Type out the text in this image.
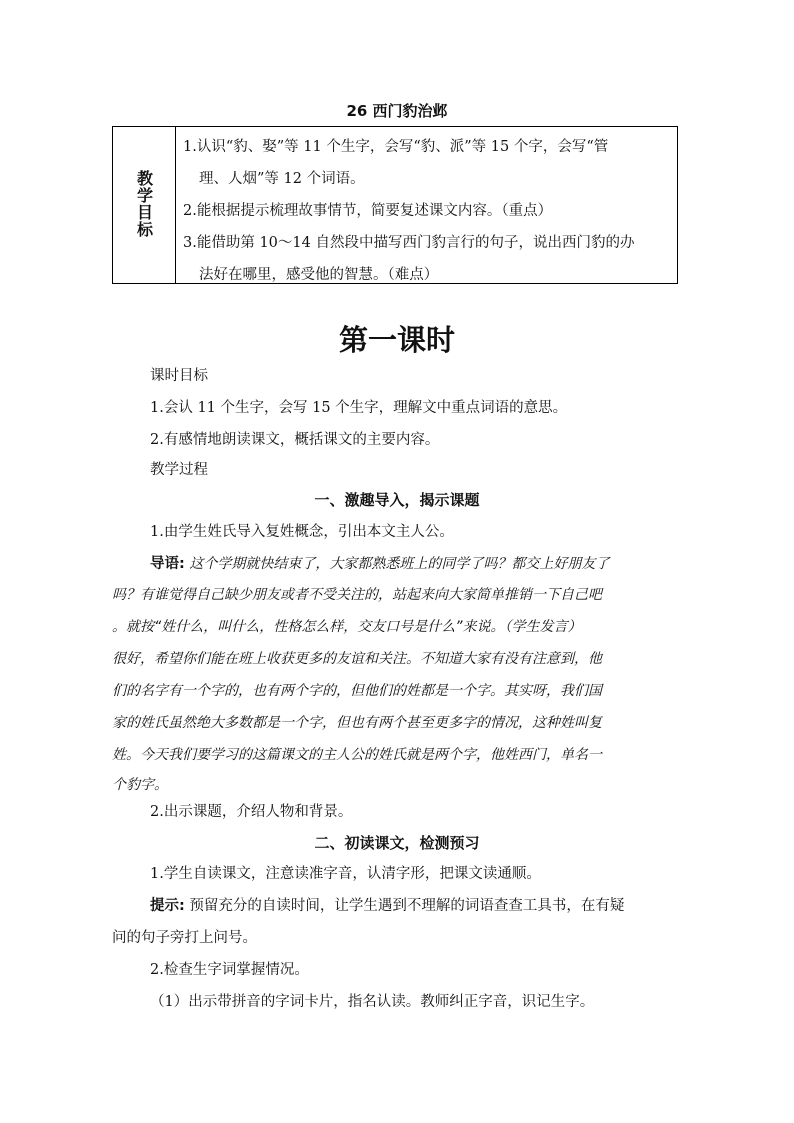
26 西门豹治邺
教
学
目
标
1.认识“豹、娶”等 11 个生字，会写“豹、派”等 15 个字，会写“管
理、人烟”等 12 个词语。
2.能根据提示梳理故事情节，简要复述课文内容。（重点）
3.能借助第 10～14 自然段中描写西门豹言行的句子，说出西门豹的办
法好在哪里，感受他的智慧。（难点）
第一课时
课时目标
1.会认 11 个生字，会写 15 个生字，理解文中重点词语的意思。
2.有感情地朗读课文，概括课文的主要内容。
教学过程
一、激趣导入，揭示课题
1.由学生姓氏导入复姓概念，引出本文主人公。
导语: 这个学期就快结束了，大家都熟悉班上的同学了吗？都交上好朋友了
吗？有谁觉得自己缺少朋友或者不受关注的，站起来向大家简单推销一下自己吧
。就按“姓什么，叫什么，性格怎么样，交友口号是什么”来说。（学生发言）
很好，希望你们能在班上收获更多的友谊和关注。不知道大家有没有注意到，他
们的名字有一个字的，也有两个字的，但他们的姓都是一个字。其实呀，我们国
家的姓氏虽然绝大多数都是一个字，但也有两个甚至更多字的情况，这种姓叫复
姓。今天我们要学习的这篇课文的主人公的姓氏就是两个字，他姓西门，单名一
个豹字。
2.出示课题，介绍人物和背景。
二、初读课文，检测预习
1.学生自读课文，注意读准字音，认清字形，把课文读通顺。
提示: 预留充分的自读时间，让学生遇到不理解的词语查查工具书，在有疑
问的句子旁打上问号。
2.检查生字词掌握情况。
（1）出示带拼音的字词卡片，指名认读。教师纠正字音，识记生字。
